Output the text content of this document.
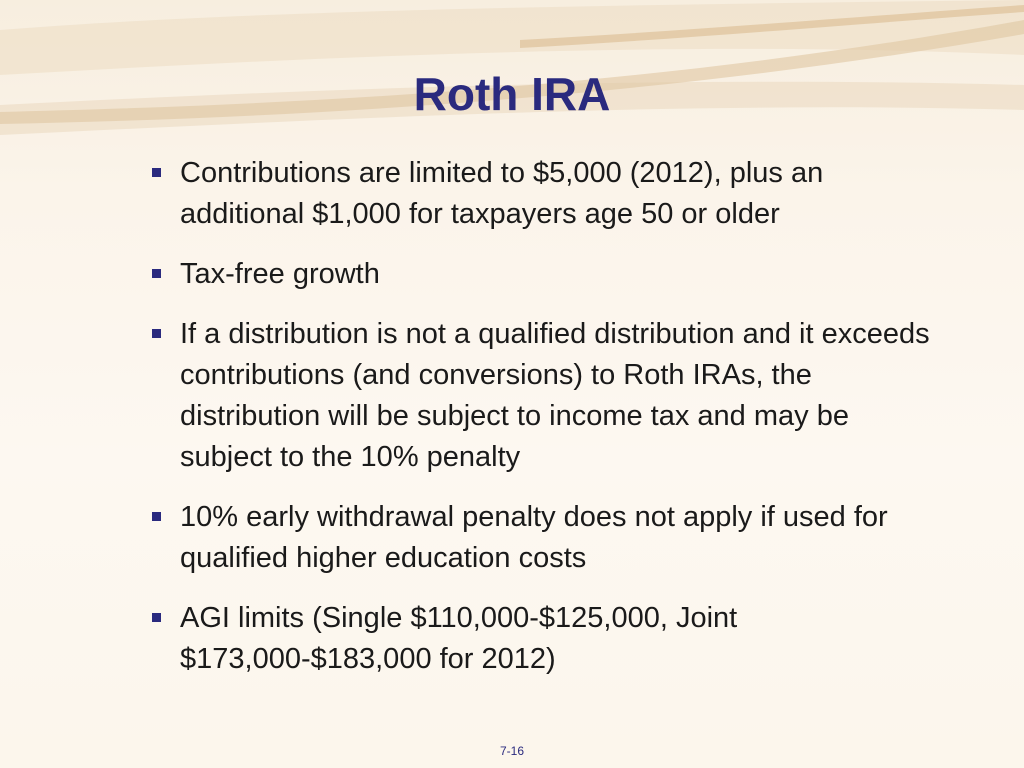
Roth IRA
Contributions are limited to $5,000 (2012), plus an additional $1,000 for taxpayers age 50 or older
Tax-free growth
If a distribution is not a qualified distribution and it exceeds contributions (and conversions) to Roth IRAs, the distribution will be subject to income tax and may be subject to the 10% penalty
10% early withdrawal penalty does not apply if used for qualified higher education costs
AGI limits (Single $110,000-$125,000, Joint $173,000-$183,000 for 2012)
7-16
